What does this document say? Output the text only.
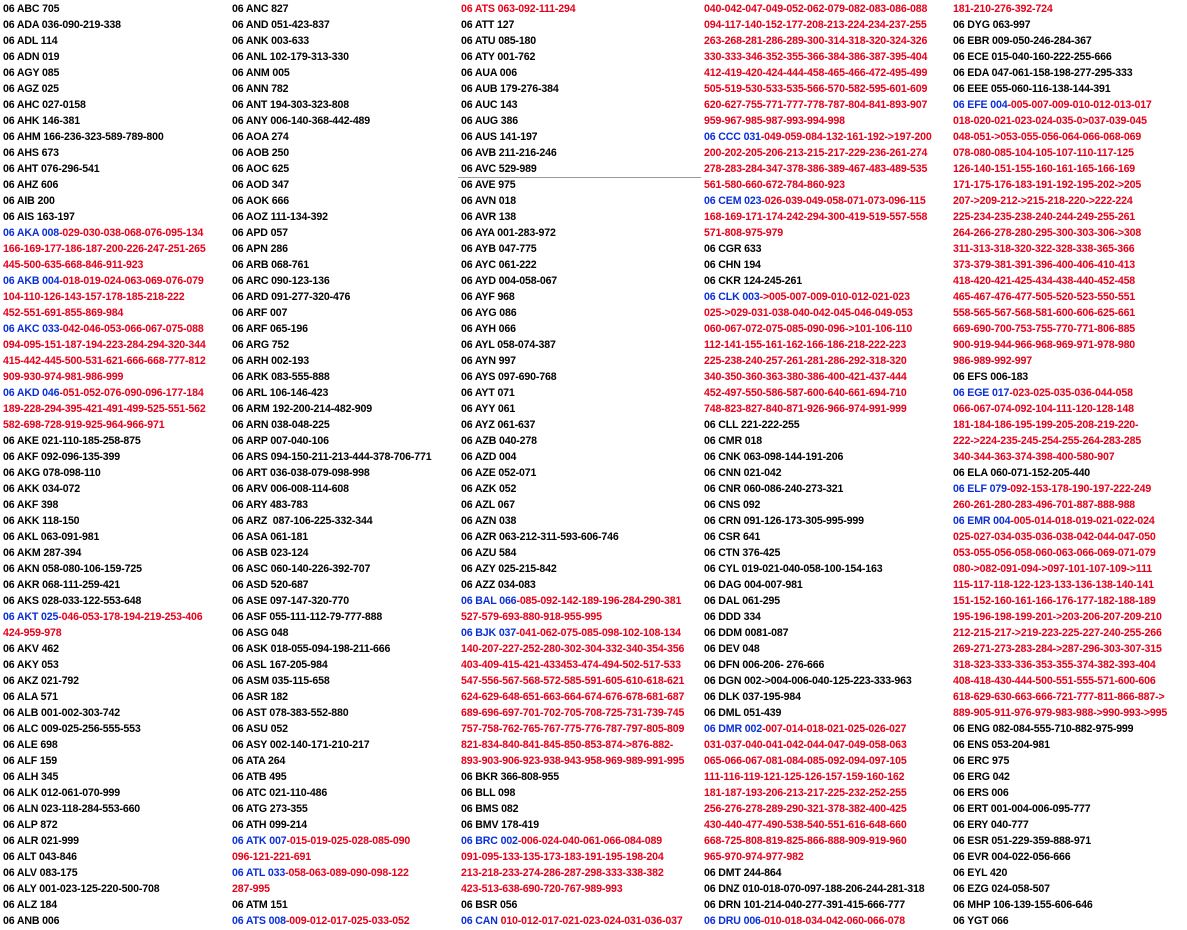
06 ABC 705
06 ADA 036-090-219-338
06 ADL 114
06 ADN 019
06 AGY 085
06 AGZ 025
06 AHC 027-0158
06 AHK 146-381
06 AHM 166-236-323-589-789-800
06 AHS 673
06 AHT 076-296-541
06 AHZ 606
06 AIB 200
06 AIS 163-197
06 AKA 008-029-030-038-068-076-095-134
166-169-177-186-187-200-226-247-251-265
445-500-635-668-846-911-923
06 AKB 004-018-019-024-063-069-076-079
104-110-126-143-157-178-185-218-222
452-551-691-855-869-984
06 AKC 033-042-046-053-066-067-075-088
094-095-151-187-194-223-284-294-320-344
415-442-445-500-531-621-666-668-777-812
909-930-974-981-986-999
06 AKD 046-051-052-076-090-096-177-184
189-228-294-395-421-491-499-525-551-562
582-698-728-919-925-964-966-971
06 AKE 021-110-185-258-875
06 AKF 092-096-135-399
06 AKG 078-098-110
06 AKK 034-072
06 AKF 398
06 AKK 118-150
06 AKL 063-091-981
06 AKM 287-394
06 AKN 058-080-106-159-725
06 AKR 068-111-259-421
06 AKS 028-033-122-553-648
06 AKT 025-046-053-178-194-219-253-406
424-959-978
06 AKV 462
06 AKY 053
06 AKZ 021-792
06 ALA 571
06 ALB 001-002-303-742
06 ALC 009-025-256-555-553
06 ALE 698
06 ALF 159
06 ALH 345
06 ALK 012-061-070-999
06 ALN 023-118-284-553-660
06 ALP 872
06 ALR 021-999
06 ALT 043-846
06 ALV 083-175
06 ALY 001-023-125-220-500-708
06 ALZ 184
06 ANB 006
06 ANC 827
06 AND 051-423-837
06 ANK 003-633
06 ANL 102-179-313-330
06 ANM 005
06 ANN 782
06 ANT 194-303-323-808
06 ANY 006-140-368-442-489
06 AOA 274
06 AOB 250
06 AOC 625
06 AOD 347
06 AOK 666
06 AOZ 111-134-392
06 APD 057
06 APN 286
06 ARB 068-761
06 ARC 090-123-136
06 ARD 091-277-320-476
06 ARF 007
06 ARF 065-196
06 ARG 752
06 ARH 002-193
06 ARK 083-555-888
06 ARL 106-146-423
06 ARM 192-200-214-482-909
06 ARN 038-048-225
06 ARP 007-040-106
06 ARS 094-150-211-213-444-378-706-771
06 ART 036-038-079-098-998
06 ARV 006-008-114-608
06 ARY 483-783
06 ARZ  087-106-225-332-344
06 ASA 061-181
06 ASB 023-124
06 ASC 060-140-226-392-707
06 ASD 520-687
06 ASE 097-147-320-770
06 ASF 055-111-112-79-777-888
06 ASG 048
06 ASK 018-055-094-198-211-666
06 ASL 167-205-984
06 ASM 035-115-658
06 ASR 182
06 AST 078-383-552-880
06 ASU 052
06 ASY 002-140-171-210-217
06 ATA 264
06 ATB 495
06 ATC 021-110-486
06 ATG 273-355
06 ATH 099-214
06 ATK 007-015-019-025-028-085-090
096-121-221-691
06 ATL 033-058-063-089-090-098-122
287-995
06 ATM 151
06 ATS 008-009-012-017-025-033-052
06 ATS 063-092-111-294
06 ATT 127
06 ATU 085-180
06 ATY 001-762
06 AUA 006
06 AUB 179-276-384
06 AUC 143
06 AUG 386
06 AUS 141-197
06 AVB 211-216-246
06 AVC 529-989
06 AVE 975
06 AVN 018
06 AVR 138
06 AYA 001-283-972
06 AYB 047-775
06 AYC 061-222
06 AYD 004-058-067
06 AYF 968
06 AYG 086
06 AYH 066
06 AYL 058-074-387
06 AYN 997
06 AYS 097-690-768
06 AYT 071
06 AYY 061
06 AYZ 061-637
06 AZB 040-278
06 AZD 004
06 AZE 052-071
06 AZK 052
06 AZL 067
06 AZN 038
06 AZR 063-212-311-593-606-746
06 AZU 584
06 AZY 025-215-842
06 AZZ 034-083
06 BAL 066-085-092-142-189-196-284-290-381
527-579-693-880-918-955-995
06 BJK 037-041-062-075-085-098-102-108-134
140-207-227-252-280-302-304-332-340-354-356
403-409-415-421-433453-474-494-502-517-533
547-556-567-568-572-585-591-605-610-618-621
624-629-648-651-663-664-674-676-678-681-687
689-696-697-701-702-705-708-725-731-739-745
757-758-762-765-767-775-776-787-797-805-809
821-834-840-841-845-850-853-874->876-882-
893-903-906-923-938-943-958-969-989-991-995
06 BKR 366-808-955
06 BLL 098
06 BMS 082
06 BMV 178-419
06 BRC 002-006-024-040-061-066-084-089
091-095-133-135-173-183-191-195-198-204
213-218-233-274-286-287-298-333-338-382
423-513-638-690-720-767-989-993
06 BSR 056
06 CAN 010-012-017-021-023-024-031-036-037
040-042-047-049-052-062-079-082-083-086-088
094-117-140-152-177-208-213-224-234-237-255
263-268-281-286-289-300-314-318-320-324-326
330-333-346-352-355-366-384-386-387-395-404
412-419-420-424-444-458-465-466-472-495-499
505-519-530-533-535-566-570-582-595-601-609
620-627-755-771-777-778-787-804-841-893-907
959-967-985-987-993-994-998
06 CCC 031-049-059-084-132-161-192->197-200
200-202-205-206-213-215-217-229-236-261-274
278-283-284-347-378-386-389-467-483-489-535
561-580-660-672-784-860-923
06 CEM 023-026-039-049-058-071-073-096-115
168-169-171-174-242-294-300-419-519-557-558
571-808-975-979
06 CGR 633
06 CHN 194
06 CKR 124-245-261
06 CLK 003->005-007-009-010-012-021-023
025->029-031-038-040-042-045-046-049-053
060-067-072-075-085-090-096->101-106-110
112-141-155-161-162-166-186-218-222-223
225-238-240-257-261-281-286-292-318-320
340-350-360-363-380-386-400-421-437-444
452-497-550-586-587-600-640-661-694-710
748-823-827-840-871-926-966-974-991-999
06 CLL 221-222-255
06 CMR 018
06 CNK 063-098-144-191-206
06 CNN 021-042
06 CNR 060-086-240-273-321
06 CNS 092
06 CRN 091-126-173-305-995-999
06 CSR 641
06 CTN 376-425
06 CYL 019-021-040-058-100-154-163
06 DAG 004-007-981
06 DAL 061-295
06 DDD 334
06 DDM 0081-087
06 DEV 048
06 DFN 006-206- 276-666
06 DGN 002->004-006-040-125-223-333-963
06 DLK 037-195-984
06 DML 051-439
06 DMR 002-007-014-018-021-025-026-027
031-037-040-041-042-044-047-049-058-063
065-066-067-081-084-085-092-094-097-105
111-116-119-121-125-126-157-159-160-162
181-187-193-206-213-217-225-232-252-255
256-276-278-289-290-321-378-382-400-425
430-440-477-490-538-540-551-616-648-660
668-725-808-819-825-866-888-909-919-960
965-970-974-977-982
06 DMT 244-864
06 DNZ 010-018-070-097-188-206-244-281-318
06 DRN 101-214-040-277-391-415-666-777
06 DRU 006-010-018-034-042-060-066-078
181-210-276-392-724
06 DYG 063-997
06 EBR 009-050-246-284-367
06 ECE 015-040-160-222-255-666
06 EDA 047-061-158-198-277-295-333
06 EEE 055-060-116-138-144-391
06 EFE 004-005-007-009-010-012-013-017
018-020-021-023-024-035-0>037-039-045
048-051->053-055-056-064-066-068-069
078-080-085-104-105-107-110-117-125
126-140-151-155-160-161-165-166-169
171-175-176-183-191-192-195-202->205
207->209-212->215-218-220->222-224
225-234-235-238-240-244-249-255-261
264-266-278-280-295-300-303-306->308
311-313-318-320-322-328-338-365-366
373-379-381-391-396-400-406-410-413
418-420-421-425-434-438-440-452-458
465-467-476-477-505-520-523-550-551
558-565-567-568-581-600-606-625-661
669-690-700-753-755-770-771-806-885
900-919-944-966-968-969-971-978-980
986-989-992-997
06 EFS 006-183
06 EGE 017-023-025-035-036-044-058
066-067-074-092-104-111-120-128-148
181-184-186-195-199-205-208-219-220-
222->224-235-245-254-255-264-283-285
340-344-363-374-398-400-580-907
06 ELA 060-071-152-205-440
06 ELF 079-092-153-178-190-197-222-249
260-261-280-283-496-701-887-888-988
06 EMR 004-005-014-018-019-021-022-024
025-027-034-035-036-038-042-044-047-050
053-055-056-058-060-063-066-069-071-079
080->082-091-094->097-101-107-109->111
115-117-118-122-123-133-136-138-140-141
151-152-160-161-166-176-177-182-188-189
195-196-198-199-201->203-206-207-209-210
212-215-217->219-223-225-227-240-255-266
269-271-273-283-284->287-296-303-307-315
318-323-333-336-353-355-374-382-393-404
408-418-430-444-500-551-555-571-600-606
618-629-630-663-666-721-777-811-866-887->
889-905-911-976-979-983-988->990-993->995
06 ENG 082-084-555-710-882-975-999
06 ENS 053-204-981
06 ERC 975
06 ERG 042
06 ERS 006
06 ERT 001-004-006-095-777
06 ERY 040-777
06 ESR 051-229-359-888-971
06 EVR 004-022-056-666
06 EYL 420
06 EZG 024-058-507
06 MHP 106-139-155-606-646
06 YGT 066
